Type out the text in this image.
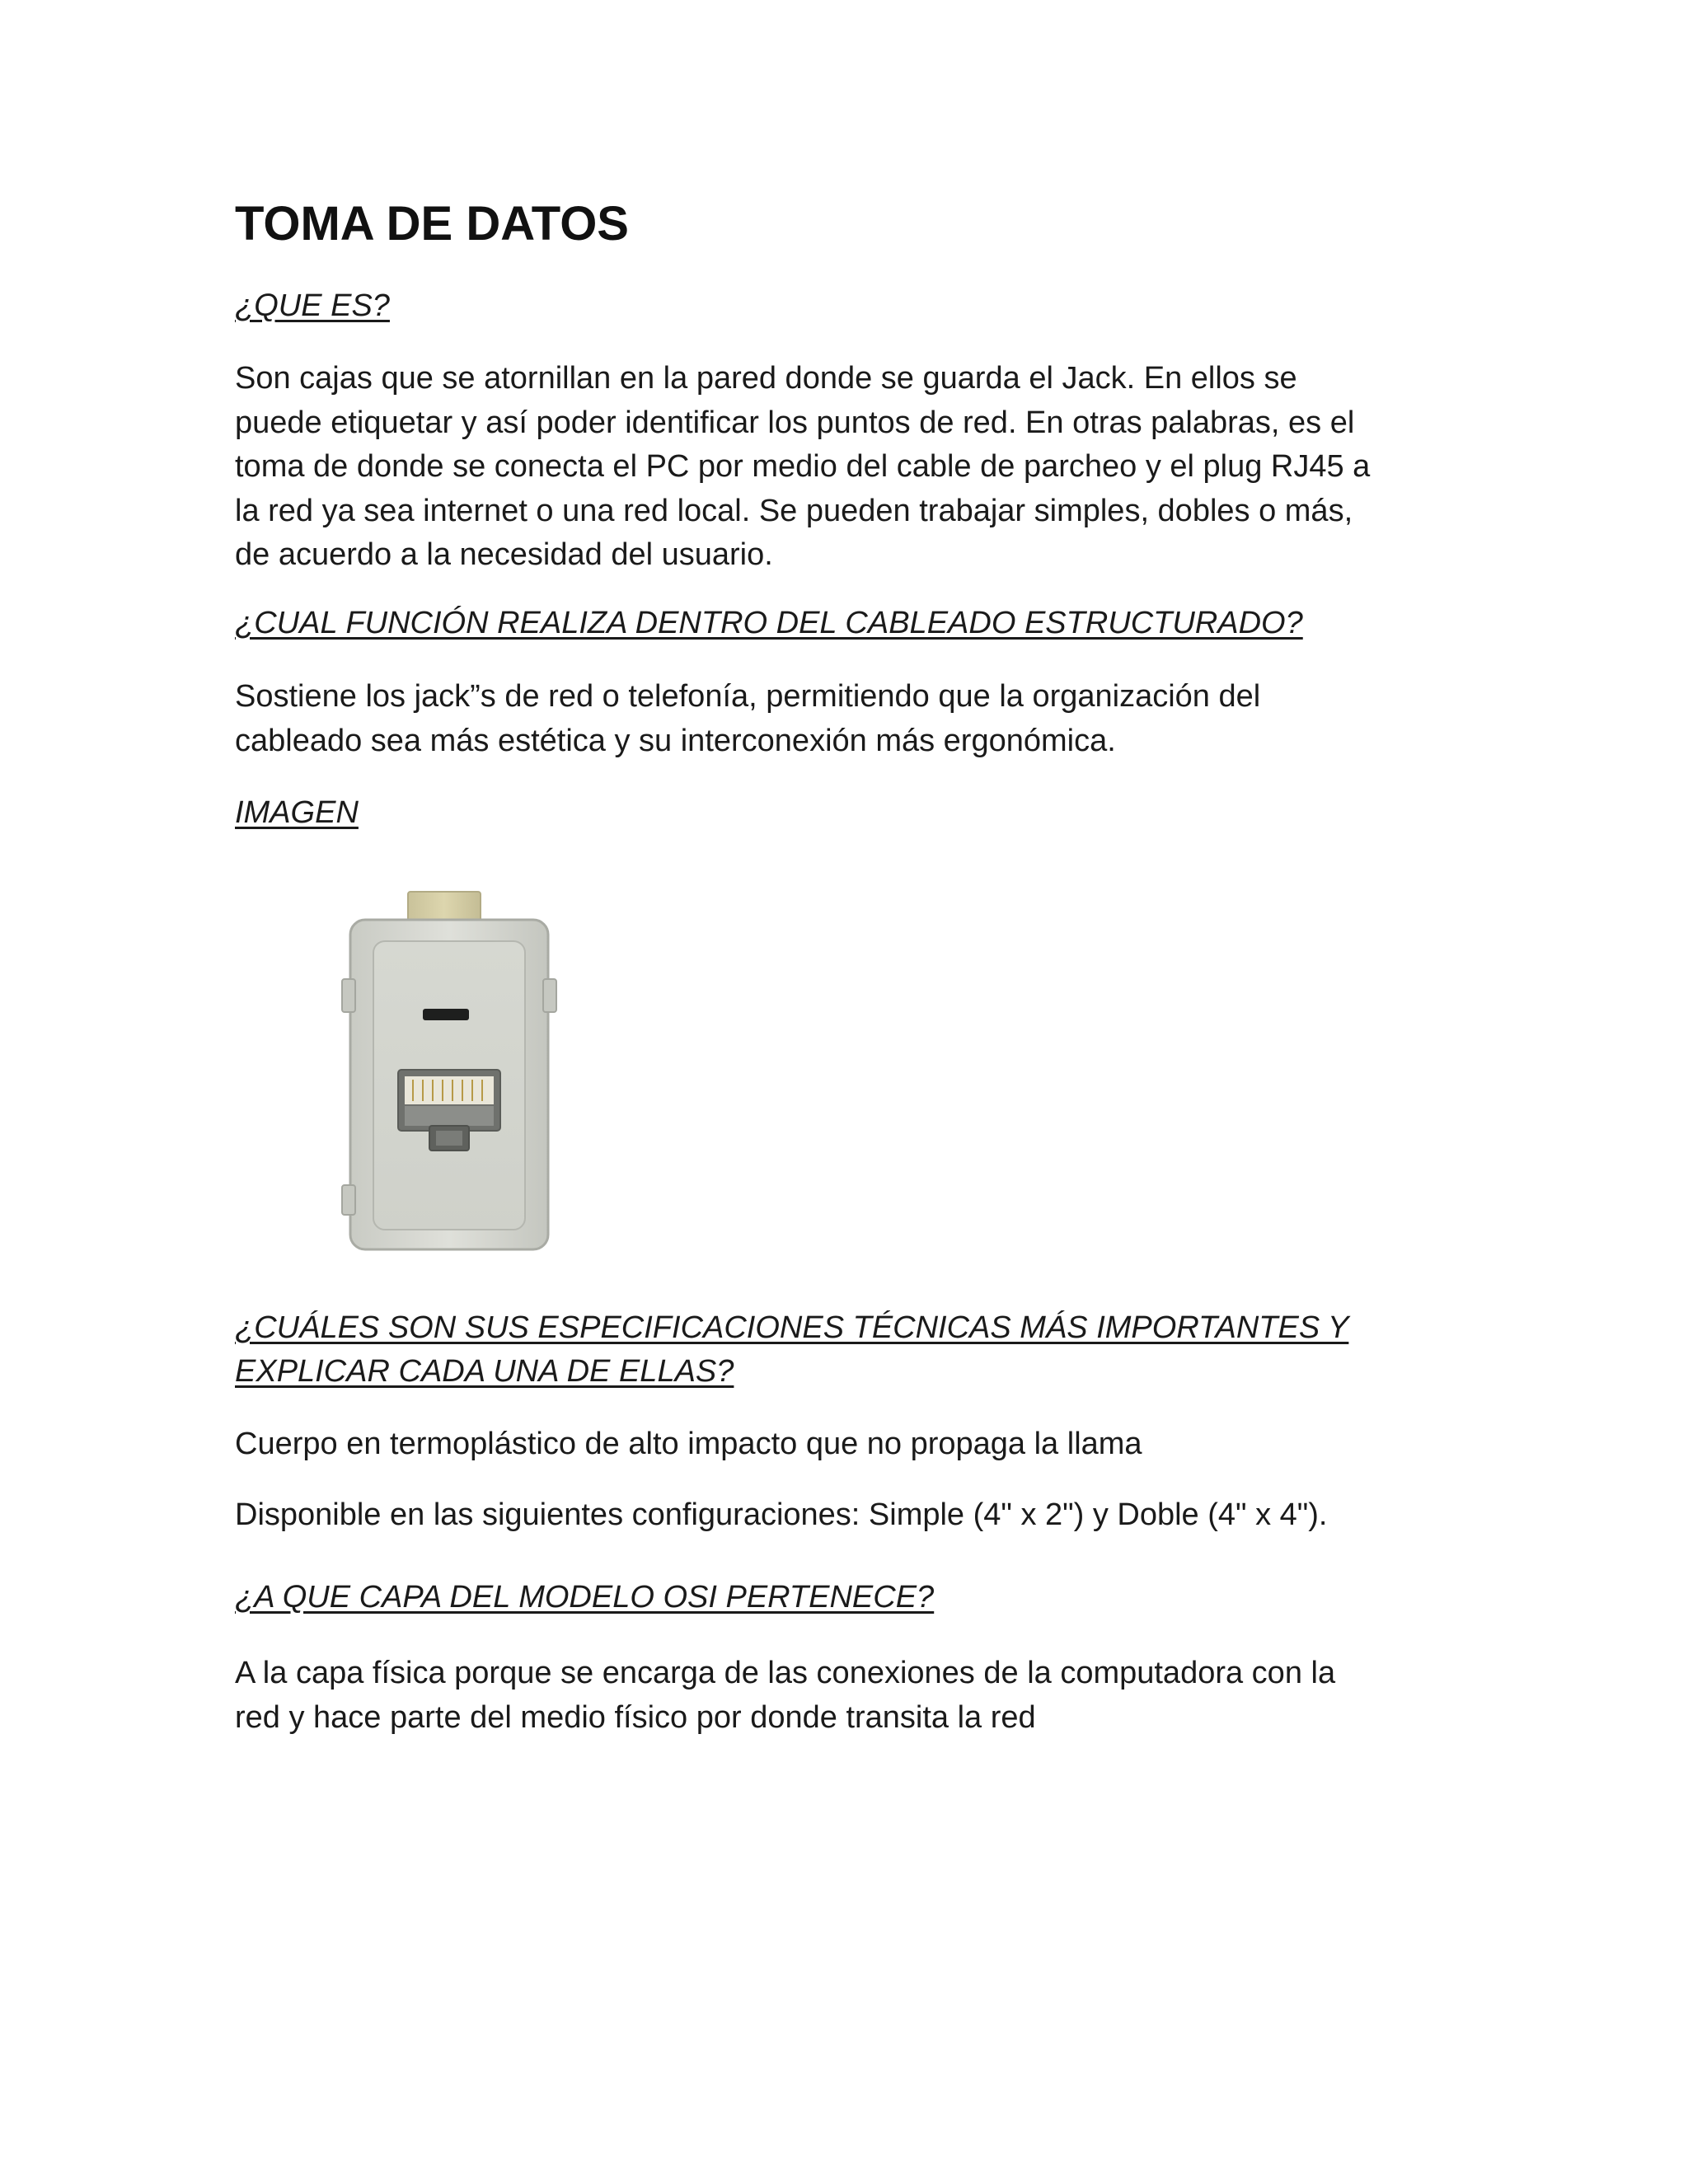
TOMA DE DATOS

¿QUE ES?

Son cajas que se atornillan en la pared donde se guarda el Jack. En ellos se
puede etiquetar y así poder identificar los puntos de red. En otras palabras, es el
toma de donde se conecta el PC por medio del cable de parcheo y el plug RJ45 a
la red ya sea internet o una red local. Se pueden trabajar simples, dobles o más,
de acuerdo a la necesidad del usuario.

¿CUAL FUNCIÓN REALIZA DENTRO DEL CABLEADO ESTRUCTURADO?

Sostiene los jack”s de red o telefonía, permitiendo que la organización del
cableado sea más estética y su interconexión más ergonómica.

IMAGEN

¿CUÁLES SON SUS ESPECIFICACIONES TÉCNICAS MÁS IMPORTANTES Y
EXPLICAR CADA UNA DE ELLAS?

Cuerpo en termoplástico de alto impacto que no propaga la llama

Disponible en las siguientes configuraciones: Simple (4" x 2") y Doble (4" x 4").

¿A QUE CAPA DEL MODELO OSI PERTENECE?

A la capa física porque se encarga de las conexiones de la computadora con la
red y hace parte del medio físico por donde transita la red
